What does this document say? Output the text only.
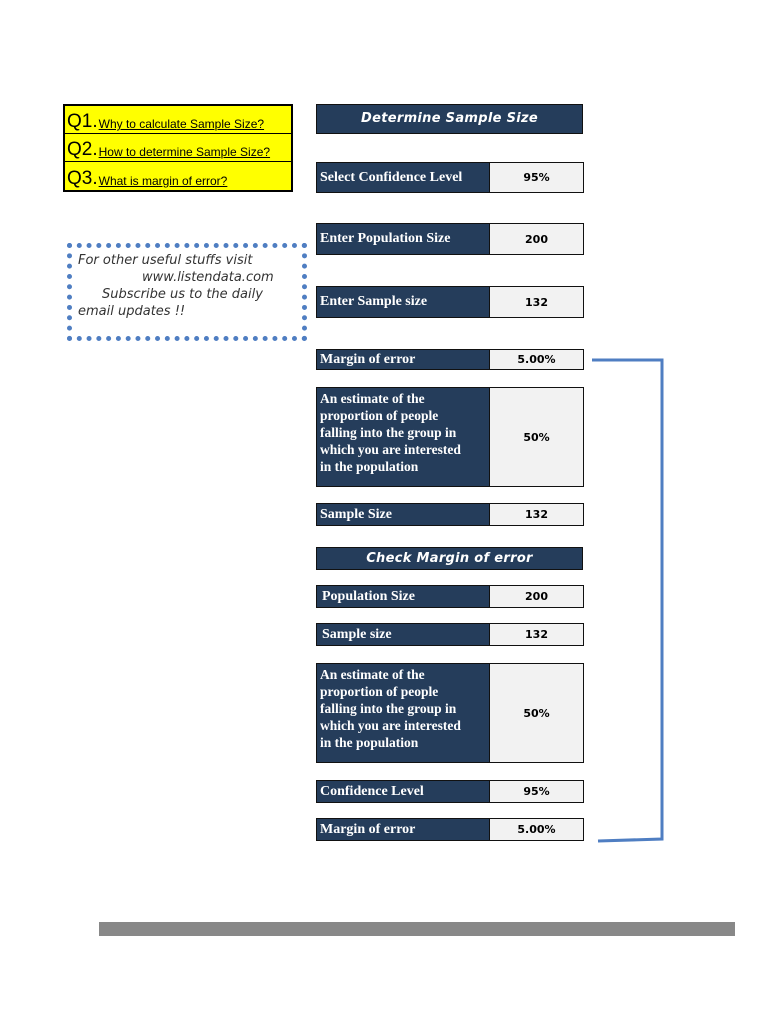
Q1. Why to calculate Sample Size?
Q2. How to determine Sample Size?
Q3. What is margin of error?
For other useful stuffs visit
www.listendata.com
Subscribe us to the daily
email updates !!
Determine Sample Size
Select Confidence Level	95%
Enter Population Size	200
Enter Sample size	132
Margin of error	5.00%
An estimate of the
proportion of people
falling into the group in
which you are interested
in the population
50%
Sample Size	132
Check Margin of error
Population Size	200
Sample size	132
An estimate of the
proportion of people
falling into the group in
which you are interested
in the population
50%
Confidence Level	95%
Margin of error	5.00%
